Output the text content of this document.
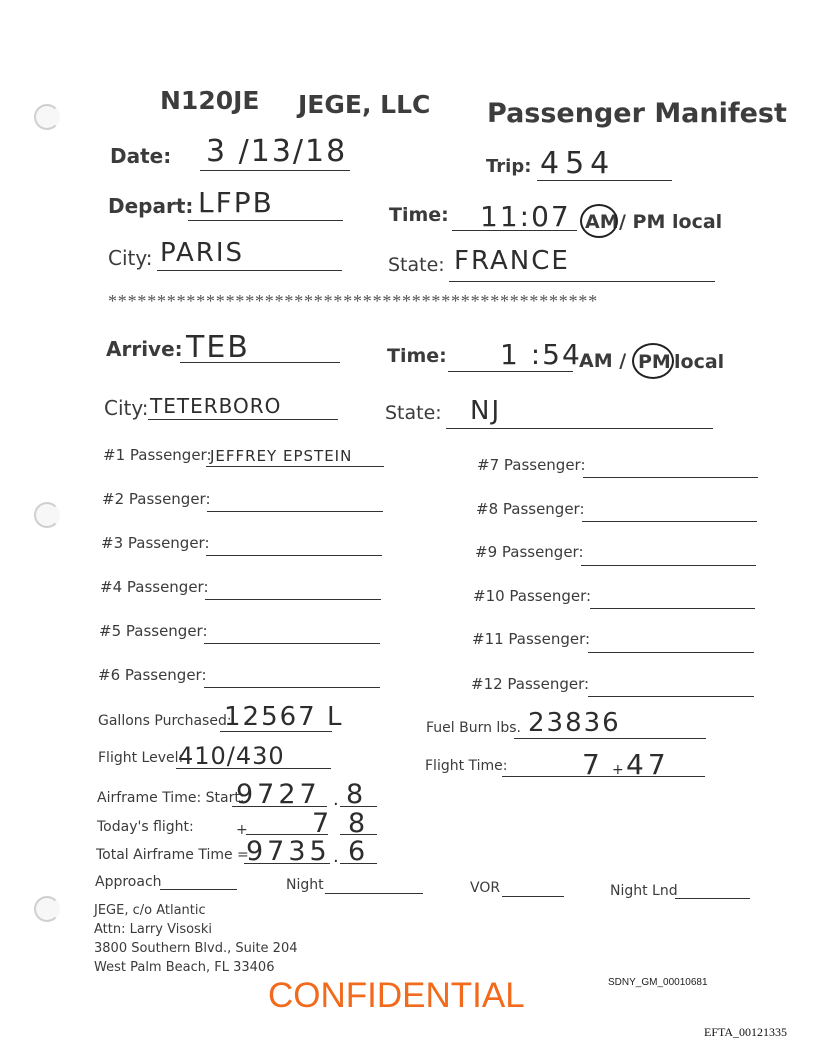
N120JE JEGE, LLC Passenger Manifest
Date: 3 /13/18	Trip: 454
Depart: LFPB	Time: 11:07 AM / PM local
City: PARIS	State: FRANCE
**************************************************
Arrive: TEB	Time: 1 :54
AM / PM local
City: TETERBORO	State: NJ
#1 Passenger:
JEFFREY EPSTEIN
#2 Passenger:
#3 Passenger:
#4 Passenger:
#5 Passenger:
#6 Passenger:
#7 Passenger:
#8 Passenger:
#9 Passenger:
#10 Passenger:
#11 Passenger:
#12 Passenger:
Gallons Purchased:
12567 L	Fuel Burn lbs. 23836
Flight Level:
410/430	Flight Time:	7 + 47
Airframe Time: Start:
9727 . 8
Today's flight:	+ 7 8
Total Airframe Time =
9735 . 6
Approach	Night	VOR	Night Lnd
JEGE, c/o Atlantic
Attn: Larry Visoski
3800 Southern Blvd., Suite 204
West Palm Beach, FL 33406
CONFIDENTIAL	SDNY_GM_00010681
EFTA_00121335
